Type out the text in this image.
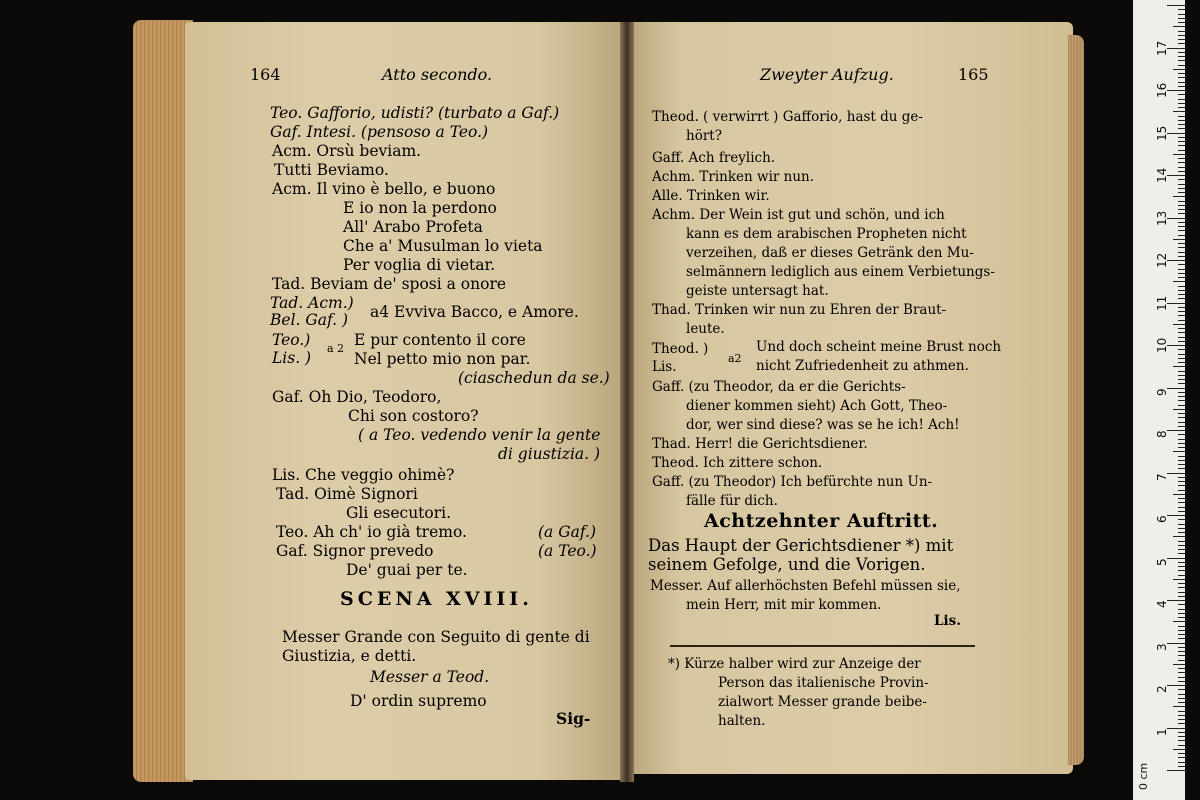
164	Atto secondo.
Teo. Gafforio, udisti? (turbato a Gaf.)
Gaf. Intesi. (pensoso a Teo.)
Acm. Orsù beviam.
Tutti Beviamo.
Acm. Il vino è bello, e buono
E io non la perdono
All' Arabo Profeta
Che a' Musulman lo vieta
Per voglia di vietar.
Tad. Beviam de' sposi a onore
Tad. Acm.)
Bel. Gaf. ) a4 Evviva Bacco, e Amore.
Teo.)
Lis. )
a 2 E pur contento il core
Nel petto mio non par.
(ciaschedun da se.)
Gaf. Oh Dio, Teodoro,
Chi son costoro?
( a Teo. vedendo venir la gente
di giustizia. )
Lis. Che veggio ohimè?
Tad. Oimè Signori
Gli esecutori.
Teo. Ah ch' io già tremo.	(a Gaf.)
Gaf. Signor prevedo	(a Teo.)
De' guai per te.
SCENA XVIII.
Messer Grande con Seguito di gente di
Giustizia, e detti.
Messer a Teod.
D' ordin supremo
Sig-
Zweyter Aufzug.	165
Theod. ( verwirrt ) Gafforio, hast du ge-
hört?
Gaff. Ach freylich.
Achm. Trinken wir nun.
Alle. Trinken wir.
Achm. Der Wein ist gut und schön, und ich
kann es dem arabischen Propheten nicht
verzeihen, daß er dieses Getränk den Mu-
selmännern lediglich aus einem Verbietungs-
geiste untersagt hat.
Thad. Trinken wir nun zu Ehren der Braut-
leute.
Theod. )
Lis.
a2
Und doch scheint meine Brust noch
nicht Zufriedenheit zu athmen.
Gaff. (zu Theodor, da er die Gerichts-
diener kommen sieht) Ach Gott, Theo-
dor, wer sind diese? was se he ich! Ach!
Thad. Herr! die Gerichtsdiener.
Theod. Ich zittere schon.
Gaff. (zu Theodor) Ich befürchte nun Un-
fälle für dich.
Achtzehnter Auftritt.
Das Haupt der Gerichtsdiener *) mit
seinem Gefolge, und die Vorigen.
Messer. Auf allerhöchsten Befehl müssen sie,
mein Herr, mit mir kommen.
Lis.
*) Kürze halber wird zur Anzeige der
Person das italienische Provin-
zialwort Messer grande beibe-
halten.
1
2
3
4
5
6
7
8
9
10
11
12
13
14
15
16
17
0 cm
